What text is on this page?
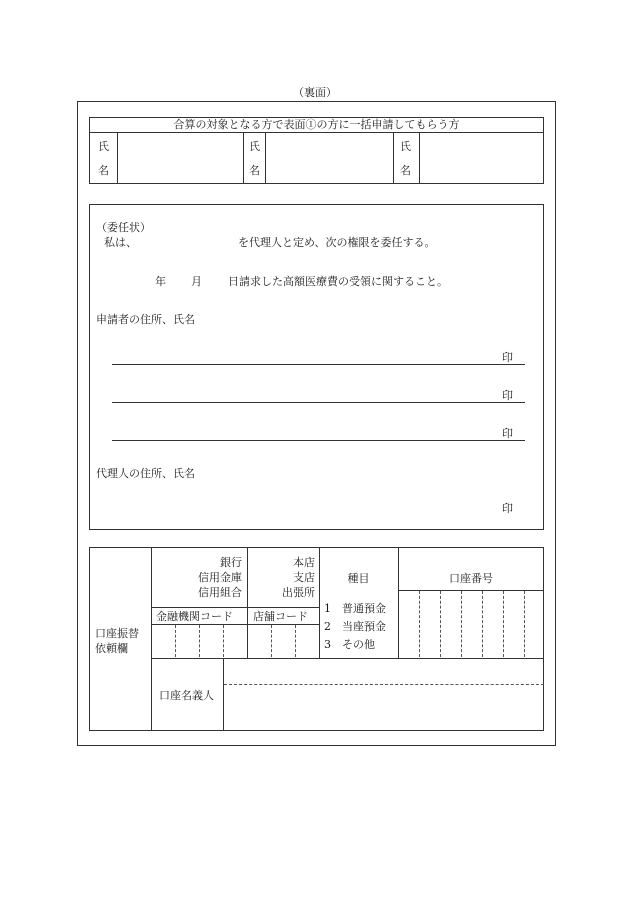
（裏面）
合算の対象となる方で表面①の方に一括申請してもらう方
氏
名
氏
名
氏
名
（委任状）
私は、	を代理人と定め、次の権限を委任する。
年 月 日請求した高額医療費の受領に関すること。
申請者の住所、氏名
印
印
印
代理人の住所、氏名
印
口座振替
依頼欄
銀行
信用金庫
信用組合
本店
支店
出張所
種目	口座番号
金融機関コード 店舗コード
1　普通預金
2　当座預金
3　その他
口座名義人
